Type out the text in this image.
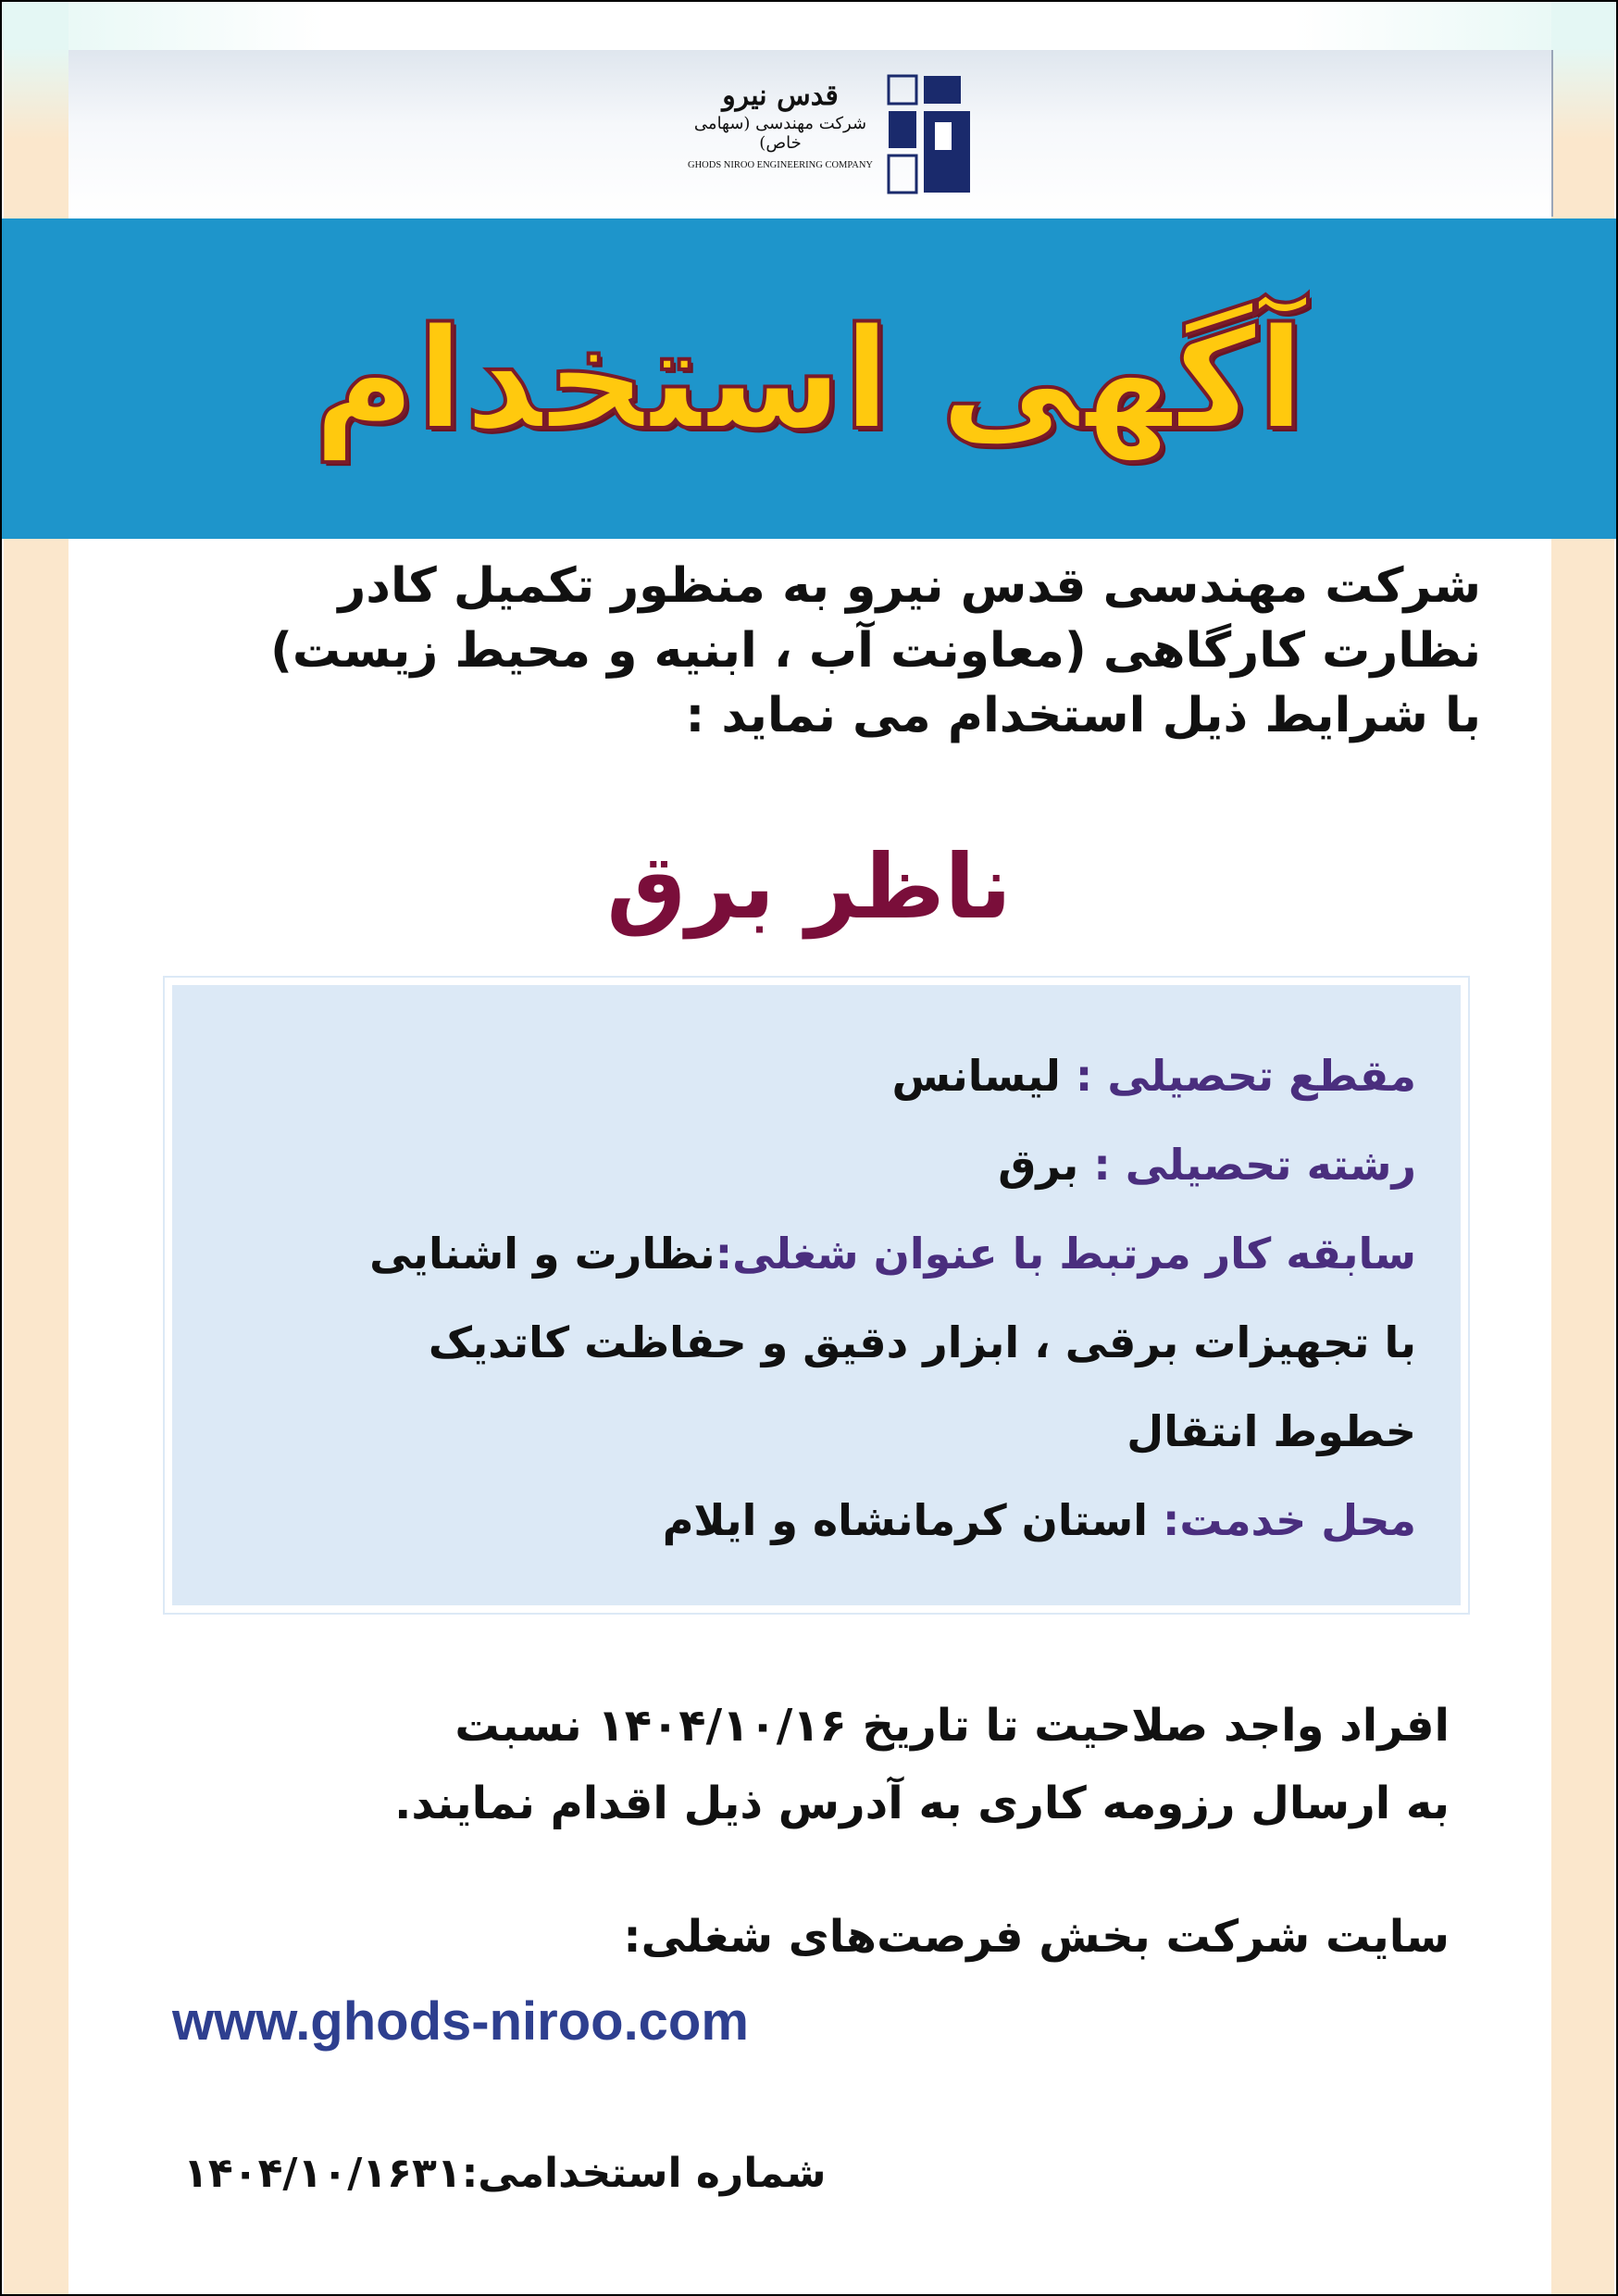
قدس نیرو
شرکت مهندسی (سهامی خاص)
GHODS NIROO ENGINEERING COMPANY
آگهی استخدام
شرکت مهندسی قدس نیرو به منظور تکمیل کادر
نظارت کارگاهی (معاونت آب ، ابنیه و محیط زیست)
با شرایط ذیل استخدام می نماید :
ناظر برق
مقطع تحصیلی : لیسانس
رشته تحصیلی : برق
سابقه کار مرتبط با عنوان شغلی:نظارت و اشنایی
با تجهیزات برقی ، ابزار دقیق و حفاظت کاتدیک
خطوط انتقال
محل خدمت: استان کرمانشاه و ایلام
افراد واجد صلاحیت تا تاریخ ۱۴۰۴/۱۰/۱۶ نسبت
به ارسال رزومه کاری به آدرس ذیل اقدام نمایند.
سایت شرکت بخش فرصت‌های شغلی:
www.ghods-niroo.com
شماره استخدامی:۱۴۰۴/۱۰/۱۶۳۱
